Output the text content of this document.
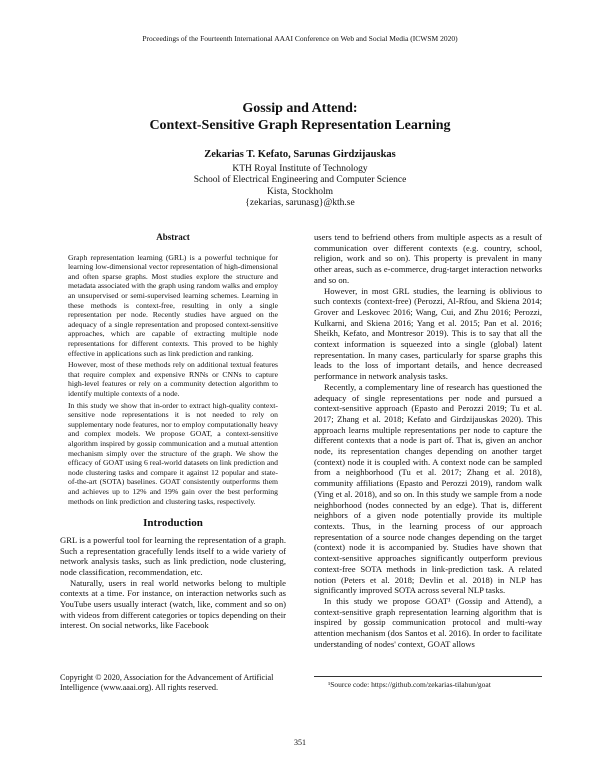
Proceedings of the Fourteenth International AAAI Conference on Web and Social Media (ICWSM 2020)
Gossip and Attend:
Context-Sensitive Graph Representation Learning
Zekarias T. Kefato, Sarunas Girdzijauskas
KTH Royal Institute of Technology
School of Electrical Engineering and Computer Science
Kista, Stockholm
{zekarias, sarunasg}@kth.se
Abstract

Graph representation learning (GRL) is a powerful technique for learning low-dimensional vector representation of high-dimensional and often sparse graphs. Most studies explore the structure and metadata associated with the graph using random walks and employ an unsupervised or semi-supervised learning schemes. Learning in these methods is context-free, resulting in only a single representation per node. Recently studies have argued on the adequacy of a single representation and proposed context-sensitive approaches, which are capable of extracting multiple node representations for different contexts. This proved to be highly effective in applications such as link prediction and ranking.

However, most of these methods rely on additional textual features that require complex and expensive RNNs or CNNs to capture high-level features or rely on a community detection algorithm to identify multiple contexts of a node.

In this study we show that in-order to extract high-quality context-sensitive node representations it is not needed to rely on supplementary node features, nor to employ computationally heavy and complex models. We propose GOAT, a context-sensitive algorithm inspired by gossip communication and a mutual attention mechanism simply over the structure of the graph. We show the efficacy of GOAT using 6 real-world datasets on link prediction and node clustering tasks and compare it against 12 popular and state-of-the-art (SOTA) baselines. GOAT consistently outperforms them and achieves up to 12% and 19% gain over the best performing methods on link prediction and clustering tasks, respectively.

Introduction

GRL is a powerful tool for learning the representation of a graph. Such a representation gracefully lends itself to a wide variety of network analysis tasks, such as link prediction, node clustering, node classification, recommendation, etc.

Naturally, users in real world networks belong to multiple contexts at a time. For instance, on interaction networks such as YouTube users usually interact (watch, like, comment and so on) with videos from different categories or topics depending on their interest. On social networks, like Facebook

Copyright © 2020, Association for the Advancement of Artificial Intelligence (www.aaai.org). All rights reserved.

users tend to befriend others from multiple aspects as a result of communication over different contexts (e.g. country, school, religion, work and so on). This property is prevalent in many other areas, such as e-commerce, drug-target interaction networks and so on.

However, in most GRL studies, the learning is oblivious to such contexts (context-free) (Perozzi, Al-Rfou, and Skiena 2014; Grover and Leskovec 2016; Wang, Cui, and Zhu 2016; Perozzi, Kulkarni, and Skiena 2016; Yang et al. 2015; Pan et al. 2016; Sheikh, Kefato, and Montresor 2019). This is to say that all the context information is squeezed into a single (global) latent representation. In many cases, particularly for sparse graphs this leads to the loss of important details, and hence decreased performance in network analysis tasks.

Recently, a complementary line of research has questioned the adequacy of single representations per node and pursued a context-sensitive approach (Epasto and Perozzi 2019; Tu et al. 2017; Zhang et al. 2018; Kefato and Girdzijauskas 2020). This approach learns multiple representations per node to capture the different contexts that a node is part of. That is, given an anchor node, its representation changes depending on another target (context) node it is coupled with. A context node can be sampled from a neighborhood (Tu et al. 2017; Zhang et al. 2018), community affiliations (Epasto and Perozzi 2019), random walk (Ying et al. 2018), and so on. In this study we sample from a node neighborhood (nodes connected by an edge). That is, different neighbors of a given node potentially provide its multiple contexts. Thus, in the learning process of our approach representation of a source node changes depending on the target (context) node it is accompanied by. Studies have shown that context-sensitive approaches significantly outperform previous context-free SOTA methods in link-prediction task. A related notion (Peters et al. 2018; Devlin et al. 2018) in NLP has significantly improved SOTA across several NLP tasks.

In this study we propose GOAT¹ (Gossip and Attend), a context-sensitive graph representation learning algorithm that is inspired by gossip communication protocol and multi-way attention mechanism (dos Santos et al. 2016). In order to facilitate understanding of nodes' context, GOAT allows

¹Source code: https://github.com/zekarias-tilahun/goat
351
